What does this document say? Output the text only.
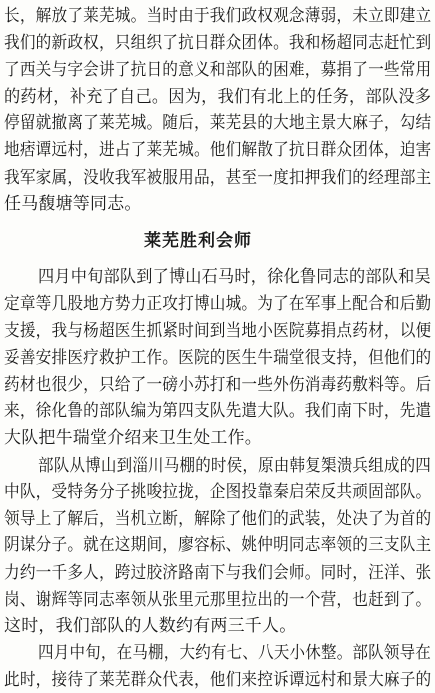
长，解放了莱芜城。当时由于我们政权观念薄弱，未立即建立
我们的新政权，只组织了抗日群众团体。我和杨超同志赶忙到
了西关与字会讲了抗日的意义和部队的困难，募捐了一些常用
的药材，补充了自己。因为，我们有北上的任务，部队没多
停留就撤离了莱芜城。随后，莱芜县的大地主景大麻子，勾结
地痞谭远村，进占了莱芜城。他们解散了抗日群众团体，迫害
我军家属，没收我军被服用品，甚至一度扣押我们的经理部主
任马馥塘等同志。
莱芜胜利会师
四月中旬部队到了博山石马时，徐化鲁同志的部队和吴
定章等几股地方势力正攻打博山城。为了在军事上配合和后勤
支援，我与杨超医生抓紧时间到当地小医院募捐点药材，以便
妥善安排医疗救护工作。医院的医生牛瑞堂很支持，但他们的
药材也很少，只给了一磅小苏打和一些外伤消毒药敷料等。后
来，徐化鲁的部队编为第四支队先遣大队。我们南下时，先遣
大队把牛瑞堂介绍来卫生处工作。
部队从博山到淄川马棚的时侯，原由韩复榘溃兵组成的四
中队，受特务分子挑唆拉拢，企图投靠秦启荣反共顽固部队。
领导上了解后，当机立断，解除了他们的武装，处决了为首的
阴谋分子。就在这期间，廖容标、姚仲明同志率领的三支队主
力约一千多人，跨过胶济路南下与我们会师。同时，汪洋、张
岗、谢辉等同志率领从张里元那里拉出的一个营，也赶到了。
这时，我们部队的人数约有两三千人。
四月中旬，在马棚，大约有七、八天小休整。部队领导在
此时，接待了莱芜群众代表，他们来控诉谭远村和景大麻子的
